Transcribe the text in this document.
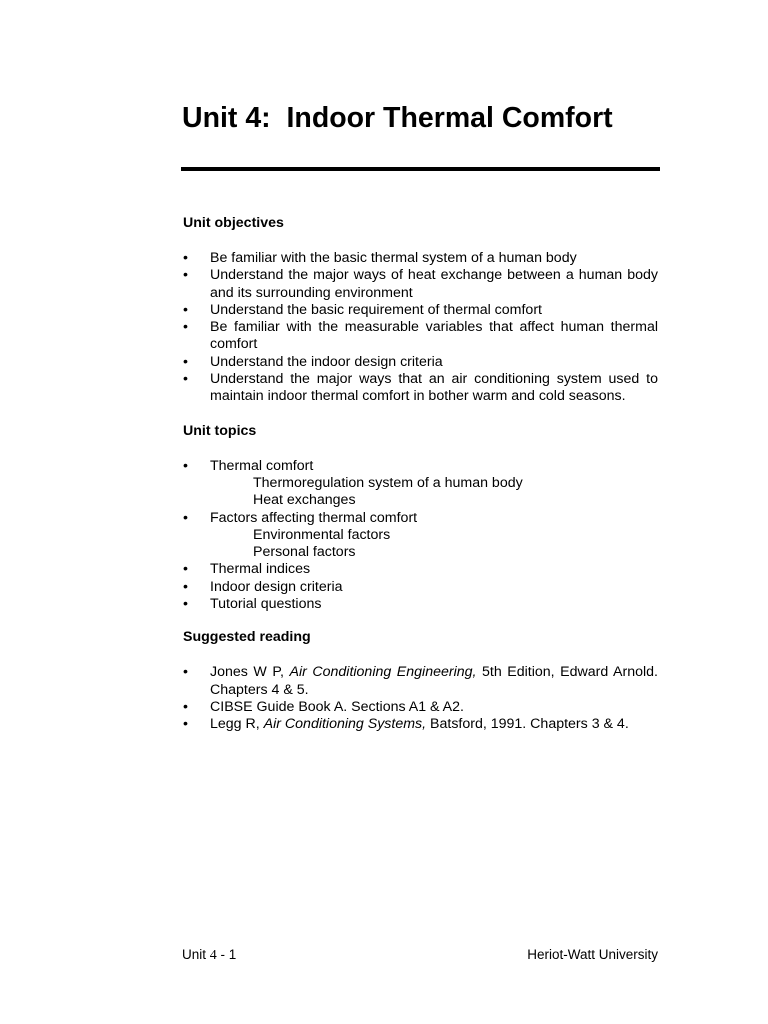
Unit 4:  Indoor Thermal Comfort
Unit objectives
• Be familiar with the basic thermal system of a human body
• Understand the major ways of heat exchange between a human body and its surrounding environment
• Understand the basic requirement of thermal comfort
• Be familiar with the measurable variables that affect human thermal comfort
• Understand the indoor design criteria
• Understand the major ways that an air conditioning system used to maintain indoor thermal comfort in bother warm and cold seasons.
Unit topics
• Thermal comfort
Thermoregulation system of a human body
Heat exchanges
• Factors affecting thermal comfort
Environmental factors
Personal factors
• Thermal indices
• Indoor design criteria
• Tutorial questions
Suggested reading
• Jones W P, Air Conditioning Engineering, 5th Edition, Edward Arnold. Chapters 4 & 5.
• CIBSE Guide Book A. Sections A1 & A2.
• Legg R, Air Conditioning Systems, Batsford, 1991. Chapters 3 & 4.
Unit 4 - 1	Heriot-Watt University
